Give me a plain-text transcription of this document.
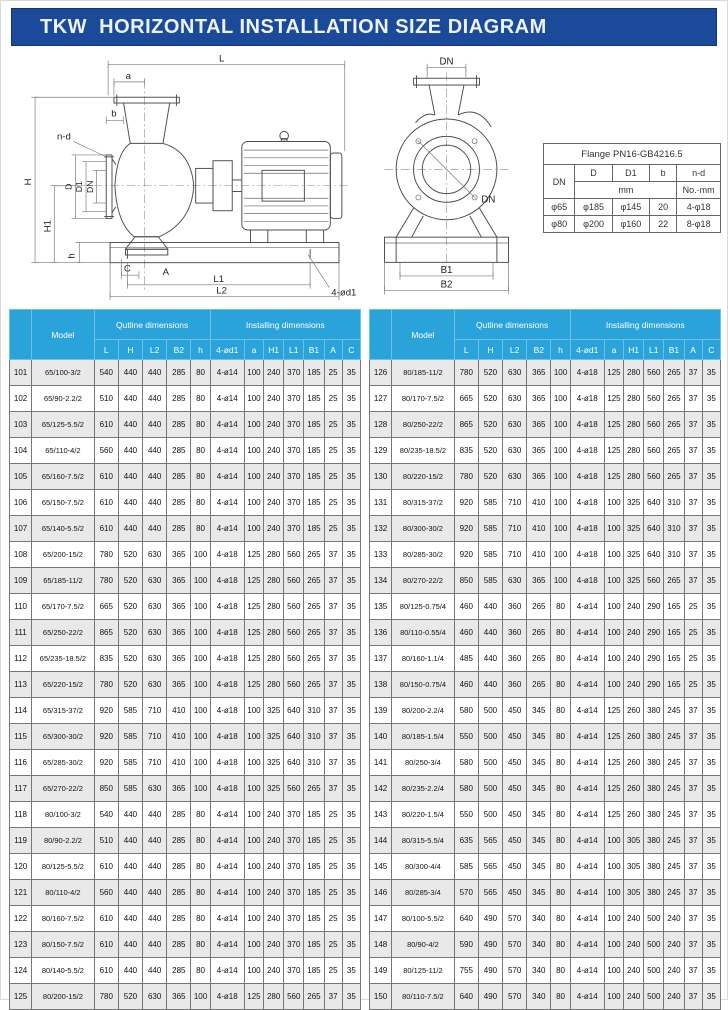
TKW  HORIZONTAL INSTALLATION SIZE DIAGRAM
L
a
b
n-d
H
H1
D D1 DN
h
C	A
L1
L2	4-ød1
DN
DN
B1
B2
Flange PN16-GB4216.5				
DN	D	D1	b	n-d
	mm			No.·mm
φ65	φ185	φ145	20	4-φ18
φ80	φ200	φ160	22	8-φ18
	Model	Qutline dimensions					Installing dimensions						
		L	H	L2	B2	h	4-ød1	a	H1	L1	B1	A	C
101	65/100-3/2	540	440	440	285	80	4-ø14	100	240	370	185	25	35
102	65/90-2.2/2	510	440	440	285	80	4-ø14	100	240	370	185	25	35
103	65/125-5.5/2	610	440	440	285	80	4-ø14	100	240	370	185	25	35
104	65/110-4/2	560	440	440	285	80	4-ø14	100	240	370	185	25	35
105	65/160-7.5/2	610	440	440	285	80	4-ø14	100	240	370	185	25	35
106	65/150-7.5/2	610	440	440	285	80	4-ø14	100	240	370	185	25	35
107	65/140-5.5/2	610	440	440	285	80	4-ø14	100	240	370	185	25	35
108	65/200-15/2	780	520	630	365	100	4-ø18	125	280	560	265	37	35
109	65/185-11/2	780	520	630	365	100	4-ø18	125	280	560	265	37	35
110	65/170-7.5/2	665	520	630	365	100	4-ø18	125	280	560	265	37	35
111	65/250-22/2	865	520	630	365	100	4-ø18	125	280	560	265	37	35
112	65/235-18.5/2	835	520	630	365	100	4-ø18	125	280	560	265	37	35
113	65/220-15/2	780	520	630	365	100	4-ø18	125	280	560	265	37	35
114	65/315-37/2	920	585	710	410	100	4-ø18	100	325	640	310	37	35
115	65/300-30/2	920	585	710	410	100	4-ø18	100	325	640	310	37	35
116	65/285-30/2	920	585	710	410	100	4-ø18	100	325	640	310	37	35
117	65/270-22/2	850	585	630	365	100	4-ø18	100	325	560	265	37	35
118	80/100-3/2	540	440	440	285	80	4-ø14	100	240	370	185	25	35
119	80/90-2.2/2	510	440	440	285	80	4-ø14	100	240	370	185	25	35
120	80/125-5.5/2	610	440	440	285	80	4-ø14	100	240	370	185	25	35
121	80/110-4/2	560	440	440	285	80	4-ø14	100	240	370	185	25	35
122	80/160-7.5/2	610	440	440	285	80	4-ø14	100	240	370	185	25	35
123	80/150-7.5/2	610	440	440	285	80	4-ø14	100	240	370	185	25	35
124	80/140-5.5/2	610	440	440	285	80	4-ø14	100	240	370	185	25	35
125	80/200-15/2	780	520	630	365	100	4-ø18	125	280	560	265	37	35
	Model	Qutline dimensions					Installing dimensions						
		L	H	L2	B2	h	4-ød1	a	H1	L1	B1	A	C
126	80/185-11/2	780	520	630	365	100	4-ø18	125	280	560	265	37	35
127	80/170-7.5/2	665	520	630	365	100	4-ø18	125	280	560	265	37	35
128	80/250-22/2	865	520	630	365	100	4-ø18	125	280	560	265	37	35
129	80/235-18.5/2	835	520	630	365	100	4-ø18	125	280	560	265	37	35
130	80/220-15/2	780	520	630	365	100	4-ø18	125	280	560	265	37	35
131	80/315-37/2	920	585	710	410	100	4-ø18	100	325	640	310	37	35
132	80/300-30/2	920	585	710	410	100	4-ø18	100	325	640	310	37	35
133	80/285-30/2	920	585	710	410	100	4-ø18	100	325	640	310	37	35
134	80/270-22/2	850	585	630	365	100	4-ø18	100	325	560	265	37	35
135	80/125-0.75/4	460	440	360	265	80	4-ø14	100	240	290	165	25	35
136	80/110-0.55/4	460	440	360	265	80	4-ø14	100	240	290	165	25	35
137	80/160-1.1/4	485	440	360	265	80	4-ø14	100	240	290	165	25	35
138	80/150-0.75/4	460	440	360	265	80	4-ø14	100	240	290	165	25	35
139	80/200-2.2/4	580	500	450	345	80	4-ø14	125	260	380	245	37	35
140	80/185-1.5/4	550	500	450	345	80	4-ø14	125	260	380	245	37	35
141	80/250-3/4	580	500	450	345	80	4-ø14	125	260	380	245	37	35
142	80/235-2.2/4	580	500	450	345	80	4-ø14	125	260	380	245	37	35
143	80/220-1.5/4	550	500	450	345	80	4-ø14	125	260	380	245	37	35
144	80/315-5.5/4	635	565	450	345	80	4-ø14	100	305	380	245	37	35
145	80/300-4/4	585	565	450	345	80	4-ø14	100	305	380	245	37	35
146	80/285-3/4	570	565	450	345	80	4-ø14	100	305	380	245	37	35
147	80/100-5.5/2	640	490	570	340	80	4-ø14	100	240	500	240	37	35
148	80/90-4/2	590	490	570	340	80	4-ø14	100	240	500	240	37	35
149	80/125-11/2	755	490	570	340	80	4-ø14	100	240	500	240	37	35
150	80/110-7.5/2	640	490	570	340	80	4-ø14	100	240	500	240	37	35
